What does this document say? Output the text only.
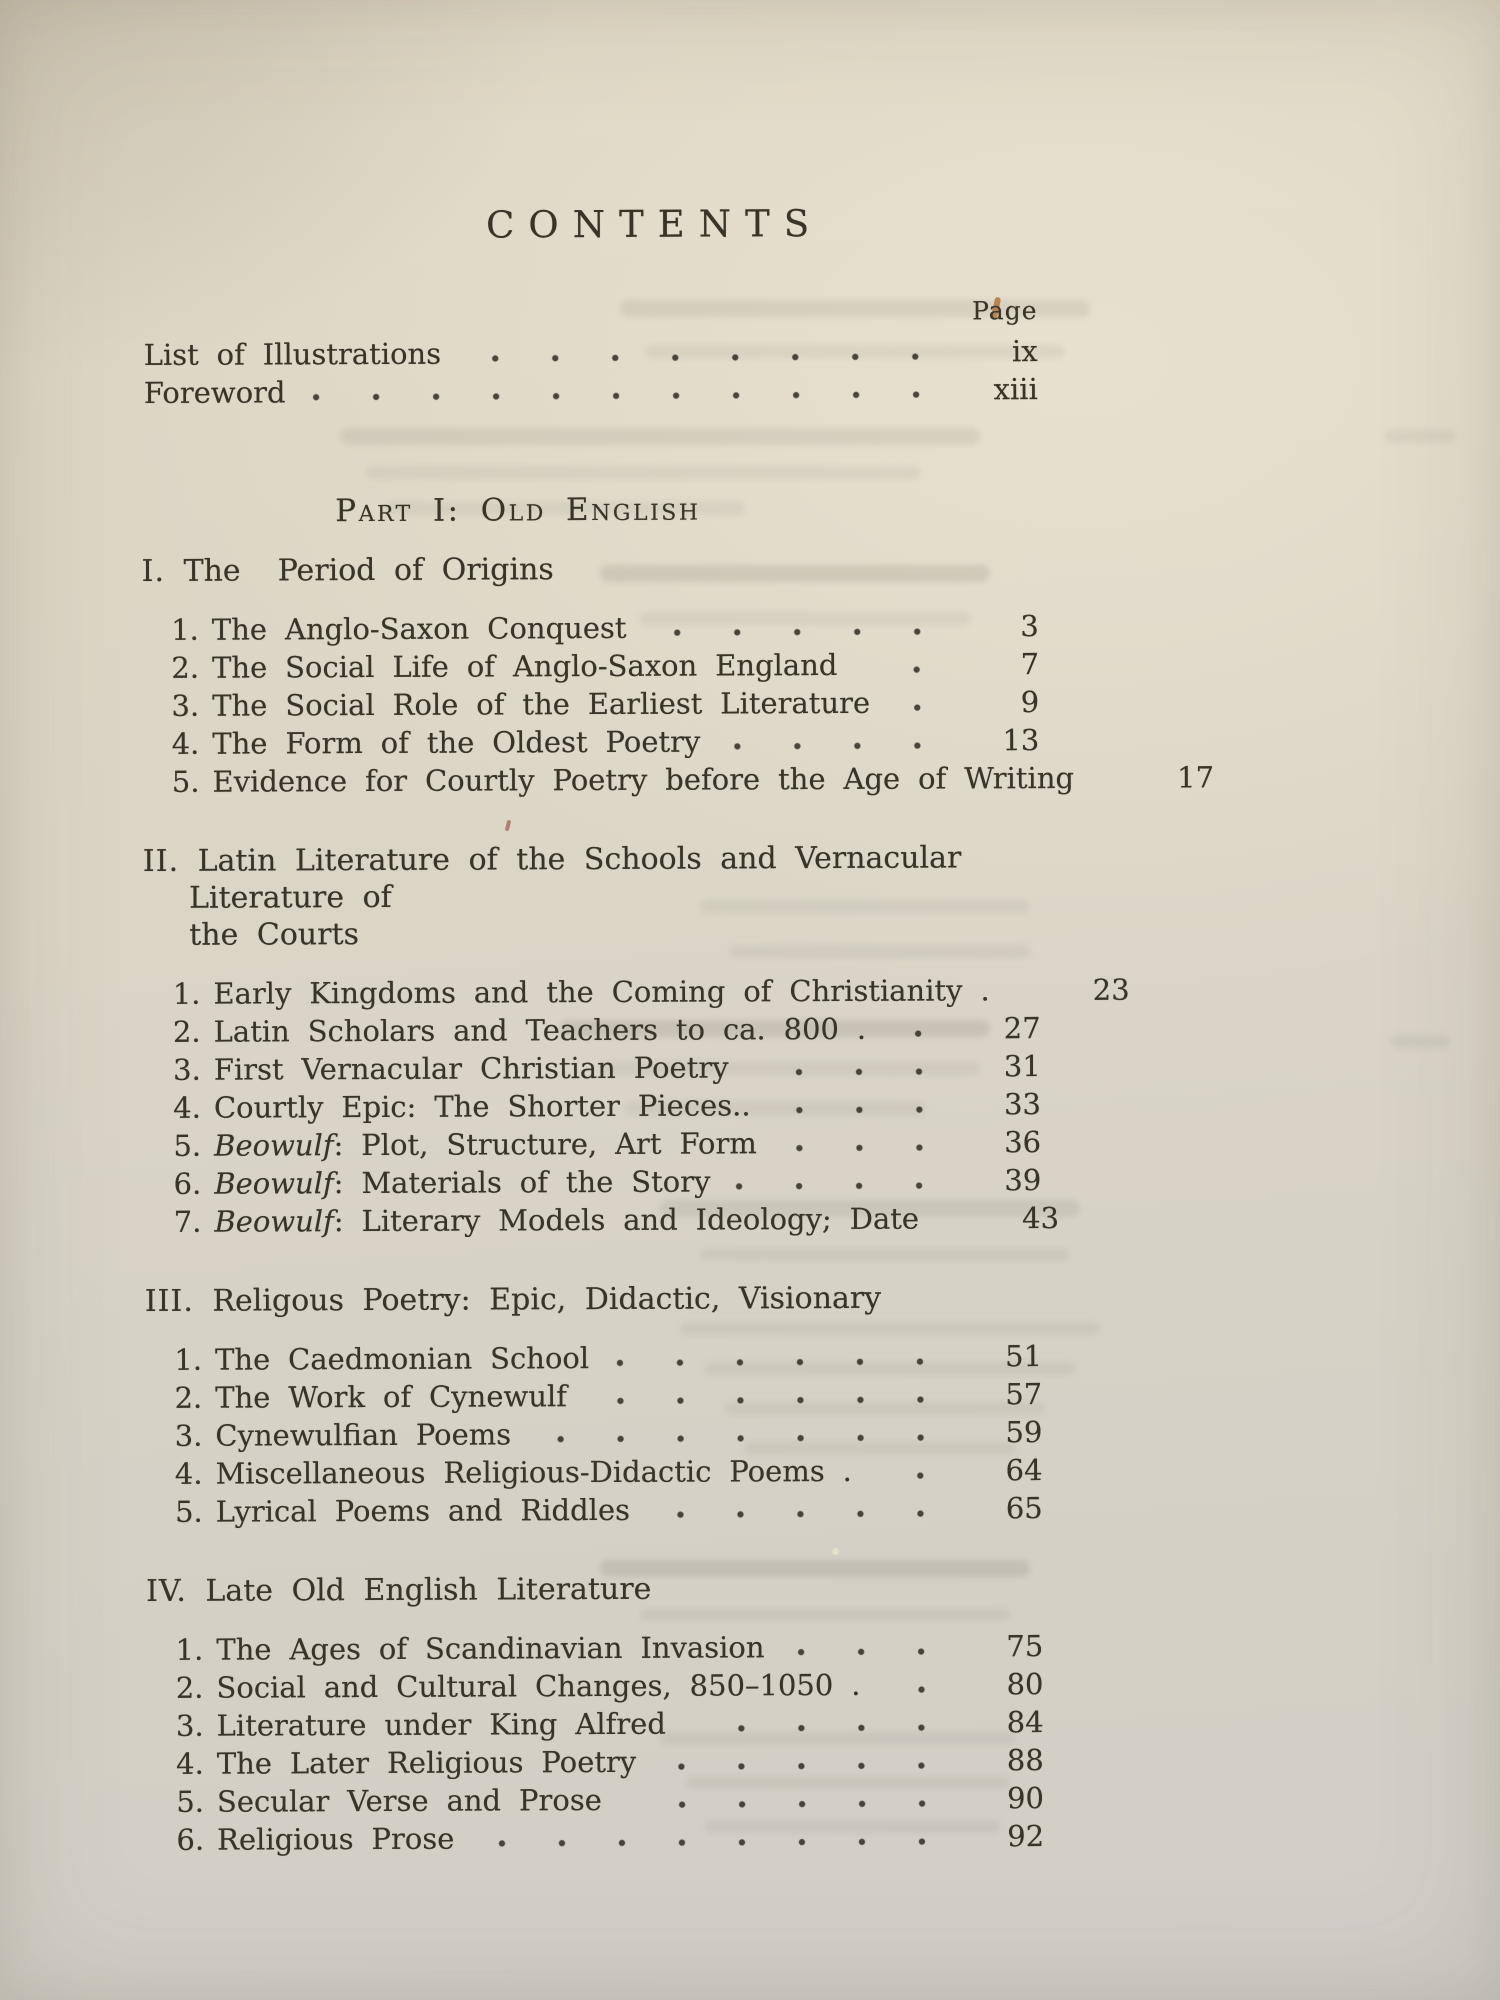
CONTENTS
Page
List of Illustrations	ix
Foreword	xiii
Part I: Old English
I. The  Period of Origins
1. The Anglo-Saxon Conquest	3
2. The Social Life of Anglo-Saxon England	7
3. The Social Role of the Earliest Literature	9
4. The Form of the Oldest Poetry	13
5. Evidence for Courtly Poetry before the Age of Writing	17
II. Latin Literature of the Schools and Vernacular Literature of
the Courts
1. Early Kingdoms and the Coming of Christianity .	23
2. Latin Scholars and Teachers to ca. 800 .	27
3. First Vernacular Christian Poetry	31
4. Courtly Epic: The Shorter Pieces..	33
5. Beowulf: Plot, Structure, Art Form	36
6. Beowulf: Materials of the Story	39
7. Beowulf: Literary Models and Ideology; Date	43
III. Religous Poetry: Epic, Didactic, Visionary
1. The Caedmonian School	51
2. The Work of Cynewulf	57
3. Cynewulfian Poems	59
4. Miscellaneous Religious-Didactic Poems .	64
5. Lyrical Poems and Riddles	65
IV. Late Old English Literature
1. The Ages of Scandinavian Invasion	75
2. Social and Cultural Changes, 850–1050 .	80
3. Literature under King Alfred	84
4. The Later Religious Poetry	88
5. Secular Verse and Prose	90
6. Religious Prose	92
